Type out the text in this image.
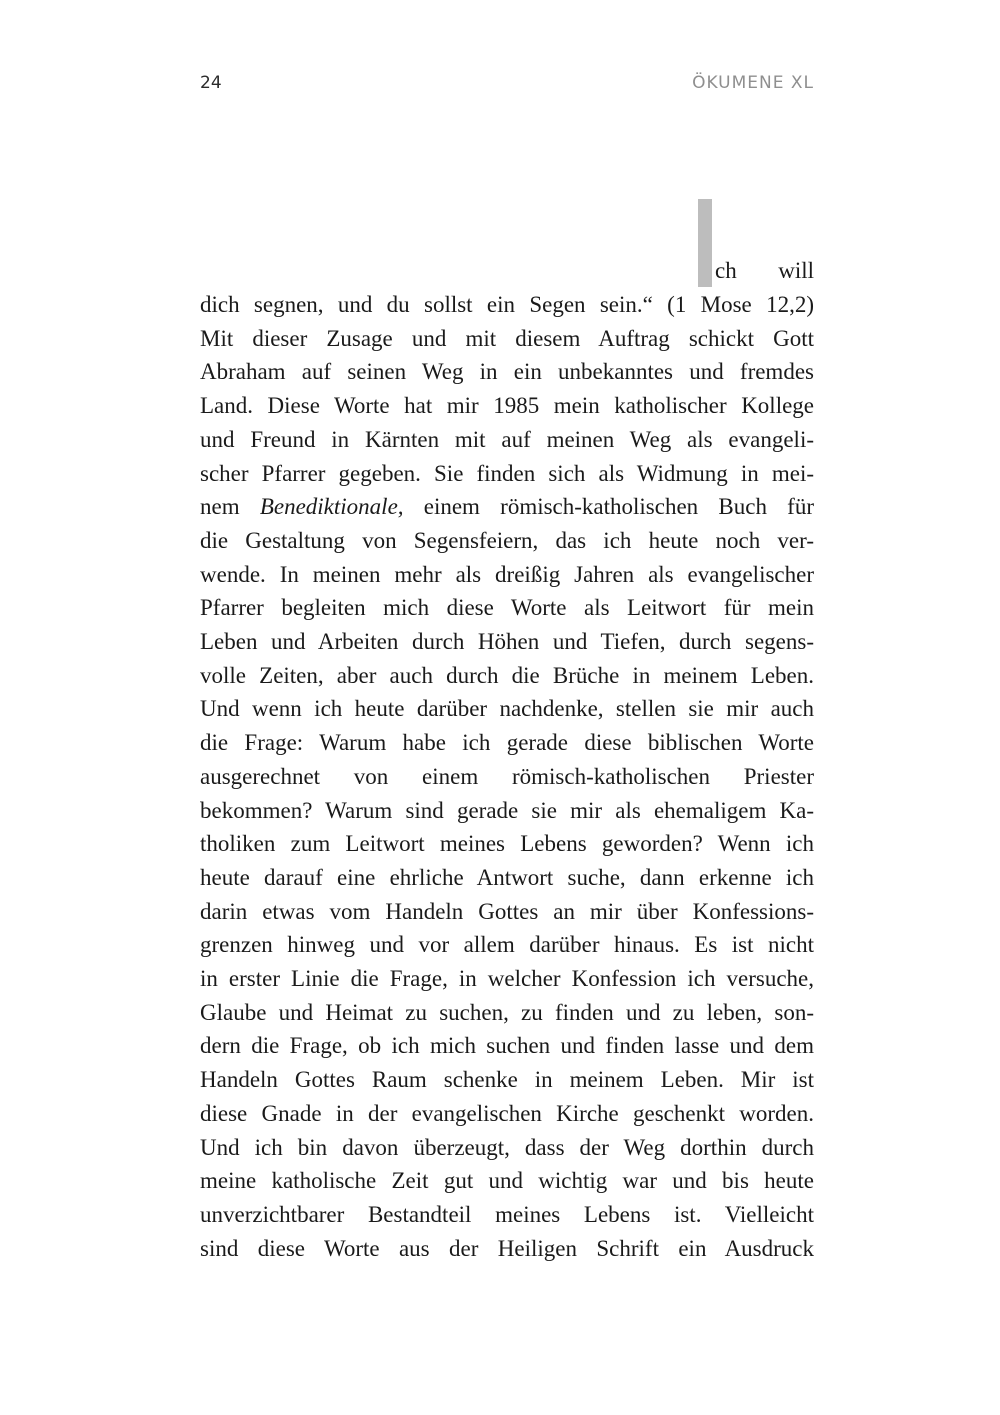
24	ÖKUMENE XL
ch will
dich segnen, und du sollst ein Segen sein.“ (1 Mose 12,2)
Mit dieser Zusage und mit diesem Auftrag schickt Gott
Abraham auf seinen Weg in ein unbekanntes und fremdes
Land. Diese Worte hat mir 1985 mein katholischer Kollege
und Freund in Kärnten mit auf meinen Weg als evangeli-
scher Pfarrer gegeben. Sie finden sich als Widmung in mei-
nem Benediktionale, einem römisch-katholischen Buch für
die Gestaltung von Segensfeiern, das ich heute noch ver-
wende. In meinen mehr als dreißig Jahren als evangelischer
Pfarrer begleiten mich diese Worte als Leitwort für mein
Leben und Arbeiten durch Höhen und Tiefen, durch segens-
volle Zeiten, aber auch durch die Brüche in meinem Leben.
Und wenn ich heute darüber nachdenke, stellen sie mir auch
die Frage: Warum habe ich gerade diese biblischen Worte
ausgerechnet von einem römisch-katholischen Priester
bekommen? Warum sind gerade sie mir als ehemaligem Ka-
tholiken zum Leitwort meines Lebens geworden? Wenn ich
heute darauf eine ehrliche Antwort suche, dann erkenne ich
darin etwas vom Handeln Gottes an mir über Konfessions-
grenzen hinweg und vor allem darüber hinaus. Es ist nicht
in erster Linie die Frage, in welcher Konfession ich versuche,
Glaube und Heimat zu suchen, zu finden und zu leben, son-
dern die Frage, ob ich mich suchen und finden lasse und dem
Handeln Gottes Raum schenke in meinem Leben. Mir ist
diese Gnade in der evangelischen Kirche geschenkt worden.
Und ich bin davon überzeugt, dass der Weg dorthin durch
meine katholische Zeit gut und wichtig war und bis heute
unverzichtbarer Bestandteil meines Lebens ist. Vielleicht
sind diese Worte aus der Heiligen Schrift ein Ausdruck
